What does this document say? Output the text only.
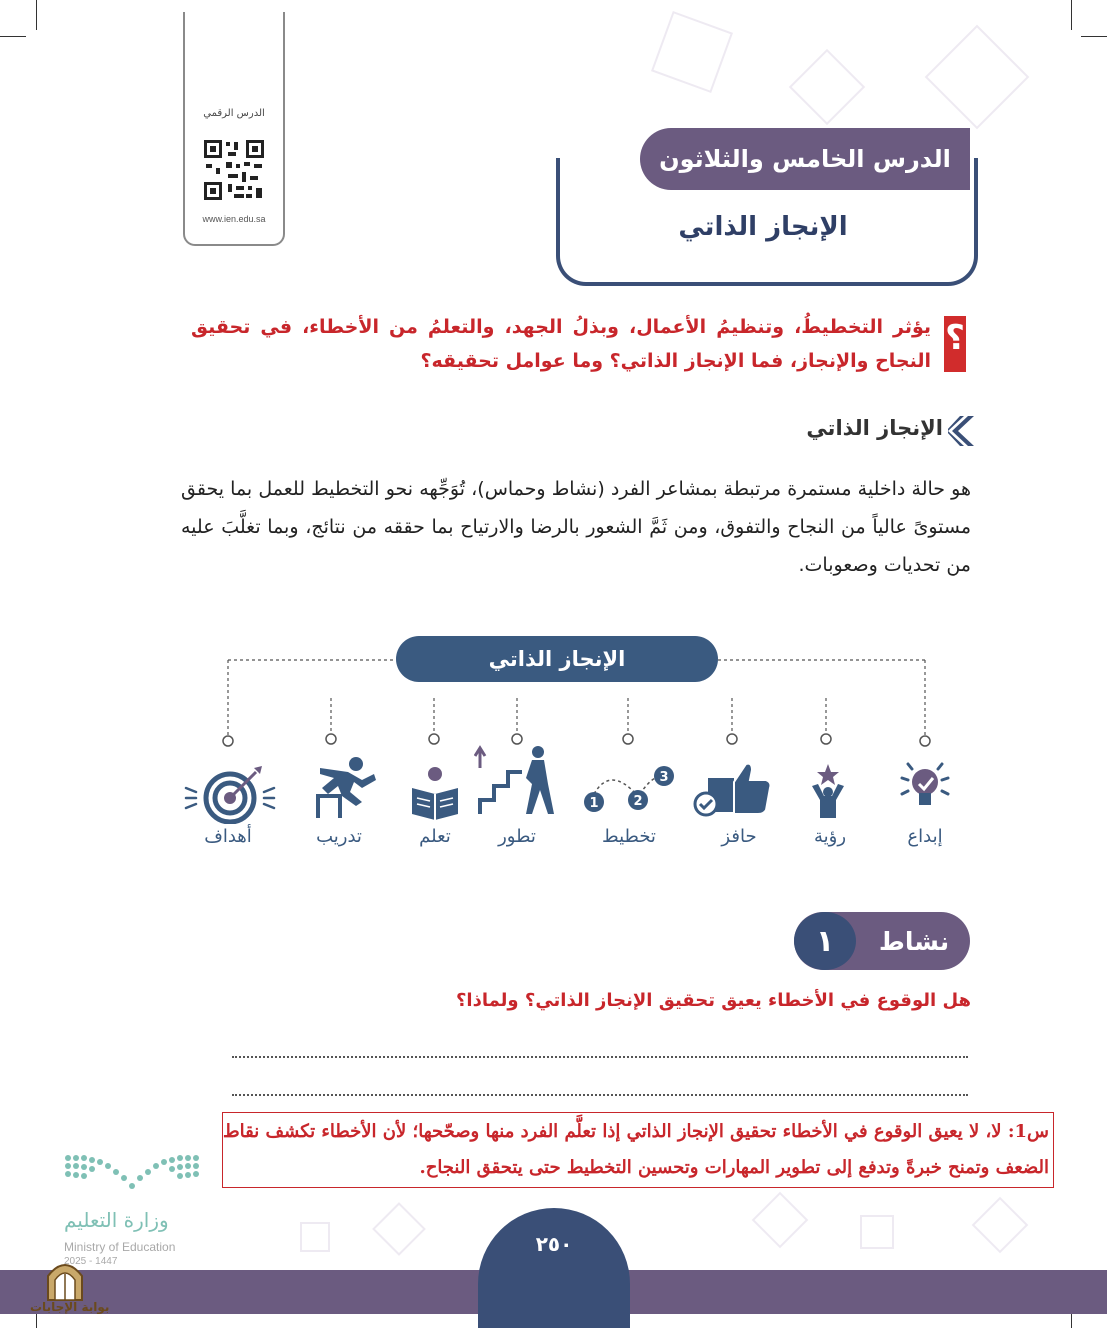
الدرس الرقمي
www.ien.edu.sa
الدرس الخامس والثلاثون
الإنجاز الذاتي
؟
يؤثر التخطيطُ، وتنظيمُ الأعمال، وبذلُ الجهد، والتعلمُ من الأخطاء، في تحقيق النجاح والإنجاز، فما الإنجاز الذاتي؟ وما عوامل تحقيقه؟
الإنجاز الذاتي
هو حالة داخلية مستمرة مرتبطة بمشاعر الفرد (نشاط وحماس)، تُوَجِّهه نحو التخطيط للعمل بما يحقق مستوىً عالياً من النجاح والتفوق، ومن ثَمَّ الشعور بالرضا والارتياح بما حققه من نتائج، وبما تغلَّبَ عليه من تحديات وصعوبات.
الإنجاز الذاتي
1	2
3
إبداع
رؤية
حافز
تخطيط
تطور
تعلم
تدريب
أهداف
١	نشاط
هل الوقوع في الأخطاء يعيق تحقيق الإنجاز الذاتي؟ ولماذا؟
س1: لا، لا يعيق الوقوع في الأخطاء تحقيق الإنجاز الذاتي إذا تعلَّم الفرد منها وصحّحها؛ لأن الأخطاء تكشف نقاط الضعف وتمنح خبرةً وتدفع إلى تطوير المهارات وتحسين التخطيط حتى يتحقق النجاح.
وزارة التعليم
Ministry of Education
2025 - 1447
٢٥٠
بوابة الإجابات
